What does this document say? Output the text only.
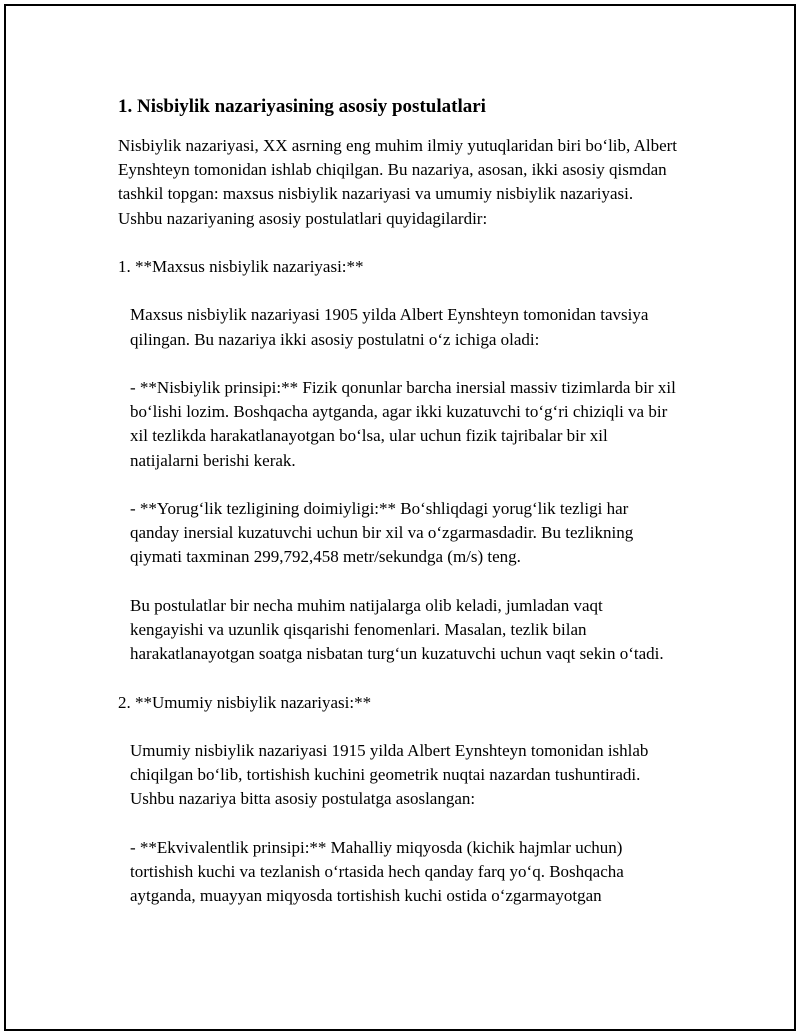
1. Nisbiylik nazariyasining asosiy postulatlari

Nisbiylik nazariyasi, XX asrning eng muhim ilmiy yutuqlaridan biri bo‘lib, Albert Eynshteyn tomonidan ishlab chiqilgan. Bu nazariya, asosan, ikki asosiy qismdan tashkil topgan: maxsus nisbiylik nazariyasi va umumiy nisbiylik nazariyasi. Ushbu nazariyaning asosiy postulatlari quyidagilardir:

1. **Maxsus nisbiylik nazariyasi:**

Maxsus nisbiylik nazariyasi 1905 yilda Albert Eynshteyn tomonidan tavsiya qilingan. Bu nazariya ikki asosiy postulatni o‘z ichiga oladi:

- **Nisbiylik prinsipi:** Fizik qonunlar barcha inersial massiv tizimlarda bir xil bo‘lishi lozim. Boshqacha aytganda, agar ikki kuzatuvchi to‘g‘ri chiziqli va bir xil tezlikda harakatlanayotgan bo‘lsa, ular uchun fizik tajribalar bir xil natijalarni berishi kerak.

- **Yorug‘lik tezligining doimiyligi:** Bo‘shliqdagi yorug‘lik tezligi har qanday inersial kuzatuvchi uchun bir xil va o‘zgarmasdadir. Bu tezlikning qiymati taxminan 299,792,458 metr/sekundga (m/s) teng.

Bu postulatlar bir necha muhim natijalarga olib keladi, jumladan vaqt kengayishi va uzunlik qisqarishi fenomenlari. Masalan, tezlik bilan harakatlanayotgan soatga nisbatan turg‘un kuzatuvchi uchun vaqt sekin o‘tadi.

2. **Umumiy nisbiylik nazariyasi:**

Umumiy nisbiylik nazariyasi 1915 yilda Albert Eynshteyn tomonidan ishlab chiqilgan bo‘lib, tortishish kuchini geometrik nuqtai nazardan tushuntiradi. Ushbu nazariya bitta asosiy postulatga asoslangan:

- **Ekvivalentlik prinsipi:** Mahalliy miqyosda (kichik hajmlar uchun) tortishish kuchi va tezlanish o‘rtasida hech qanday farq yo‘q. Boshqacha aytganda, muayyan miqyosda tortishish kuchi ostida o‘zgarmayotgan
